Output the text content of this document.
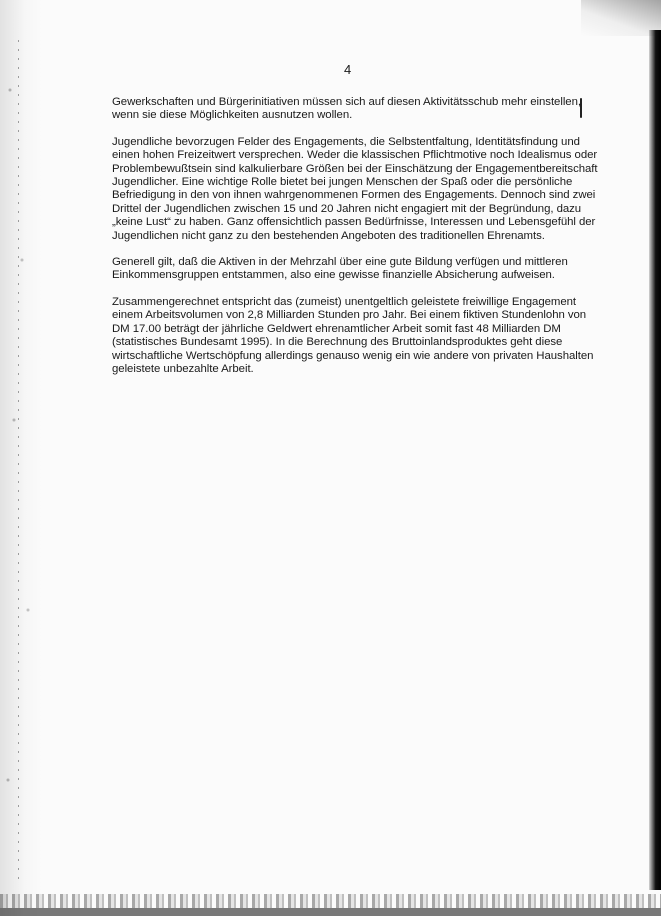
4

Gewerkschaften und Bürgerinitiativen müssen sich auf diesen Aktivitätsschub mehr einstellen,
wenn sie diese Möglichkeiten ausnutzen wollen.

Jugendliche bevorzugen Felder des Engagements, die Selbstentfaltung, Identitätsfindung und
einen hohen Freizeitwert versprechen. Weder die klassischen Pflichtmotive noch Idealismus oder
Problembewußtsein sind kalkulierbare Größen bei der Einschätzung der Engagementbereitschaft
Jugendlicher. Eine wichtige Rolle bietet bei jungen Menschen der Spaß oder die persönliche
Befriedigung in den von ihnen wahrgenommenen Formen des Engagements. Dennoch sind zwei
Drittel der Jugendlichen zwischen 15 und 20 Jahren nicht engagiert mit der Begründung, dazu
„keine Lust“ zu haben. Ganz offensichtlich passen Bedürfnisse, Interessen und Lebensgefühl der
Jugendlichen nicht ganz zu den bestehenden Angeboten des traditionellen Ehrenamts.

Generell gilt, daß die Aktiven in der Mehrzahl über eine gute Bildung verfügen und mittleren
Einkommensgruppen entstammen, also eine gewisse finanzielle Absicherung aufweisen.

Zusammengerechnet entspricht das (zumeist) unentgeltlich geleistete freiwillige Engagement
einem Arbeitsvolumen von 2,8 Milliarden Stunden pro Jahr. Bei einem fiktiven Stundenlohn von
DM 17.00 beträgt der jährliche Geldwert ehrenamtlicher Arbeit somit fast 48 Milliarden DM
(statistisches Bundesamt 1995). In die Berechnung des Bruttoinlandsproduktes geht diese
wirtschaftliche Wertschöpfung allerdings genauso wenig ein wie andere von privaten Haushalten
geleistete unbezahlte Arbeit.
